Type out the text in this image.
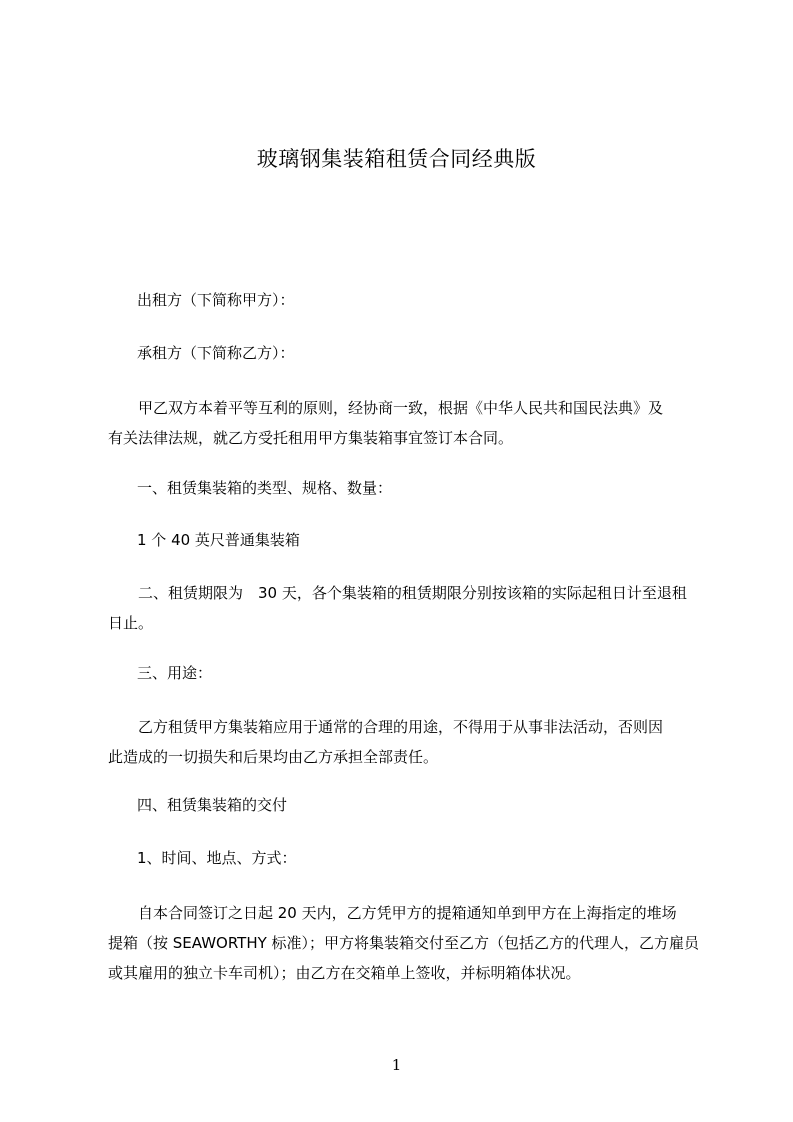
玻璃钢集装箱租赁合同经典版
出租方（下简称甲方）：
承租方（下简称乙方）：
甲乙双方本着平等互利的原则，经协商一致，根据《中华人民共和国民法典》及
有关法律法规，就乙方受托租用甲方集装箱事宜签订本合同。
一、租赁集装箱的类型、规格、数量：
1 个 40 英尺普通集装箱
二、租赁期限为　30 天，各个集装箱的租赁期限分别按该箱的实际起租日计至退租
日止。
三、用途：
乙方租赁甲方集装箱应用于通常的合理的用途，不得用于从事非法活动，否则因
此造成的一切损失和后果均由乙方承担全部责任。
四、租赁集装箱的交付
1、时间、地点、方式：
自本合同签订之日起 20 天内，乙方凭甲方的提箱通知单到甲方在上海指定的堆场
提箱（按 SEAWORTHY 标准）；甲方将集装箱交付至乙方（包括乙方的代理人，乙方雇员
或其雇用的独立卡车司机）；由乙方在交箱单上签收，并标明箱体状况。
1
